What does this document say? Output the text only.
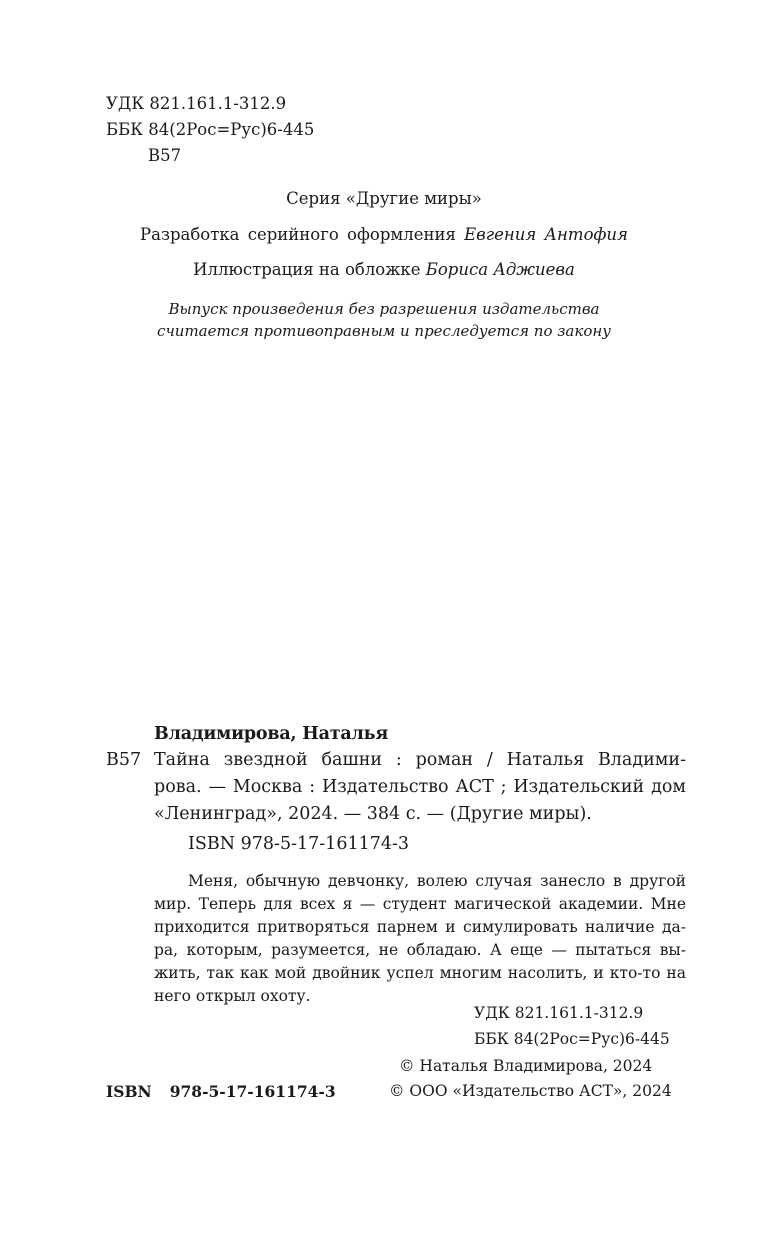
УДК 821.161.1-312.9
ББК 84(2Рос=Рус)6-445
В57
Серия «Другие миры»
Разработка серийного оформления Евгения Антофия
Иллюстрация на обложке Бориса Аджиева
Выпуск произведения без разрешения издательства
считается противоправным и преследуется по закону
Владимирова, Наталья
В57 Тайна звездной башни : роман / Наталья Владими-
рова. — Москва : Издательство АСТ ; Издательский дом
«Ленинград», 2024. — 384 с. — (Другие миры).
ISBN 978-5-17-161174-3
Меня, обычную девчонку, волею случая занесло в другой
мир. Теперь для всех я — студент магической академии. Мне
приходится притворяться парнем и симулировать наличие да-
ра, которым, разумеется, не обладаю. А еще — пытаться вы-
жить, так как мой двойник успел многим насолить, и кто-то на
него открыл охоту.
УДК 821.161.1-312.9
ББК 84(2Рос=Рус)6-445
© Наталья Владимирова, 2024
ISBN 978-5-17-161174-3	© ООО «Издательство АСТ», 2024
